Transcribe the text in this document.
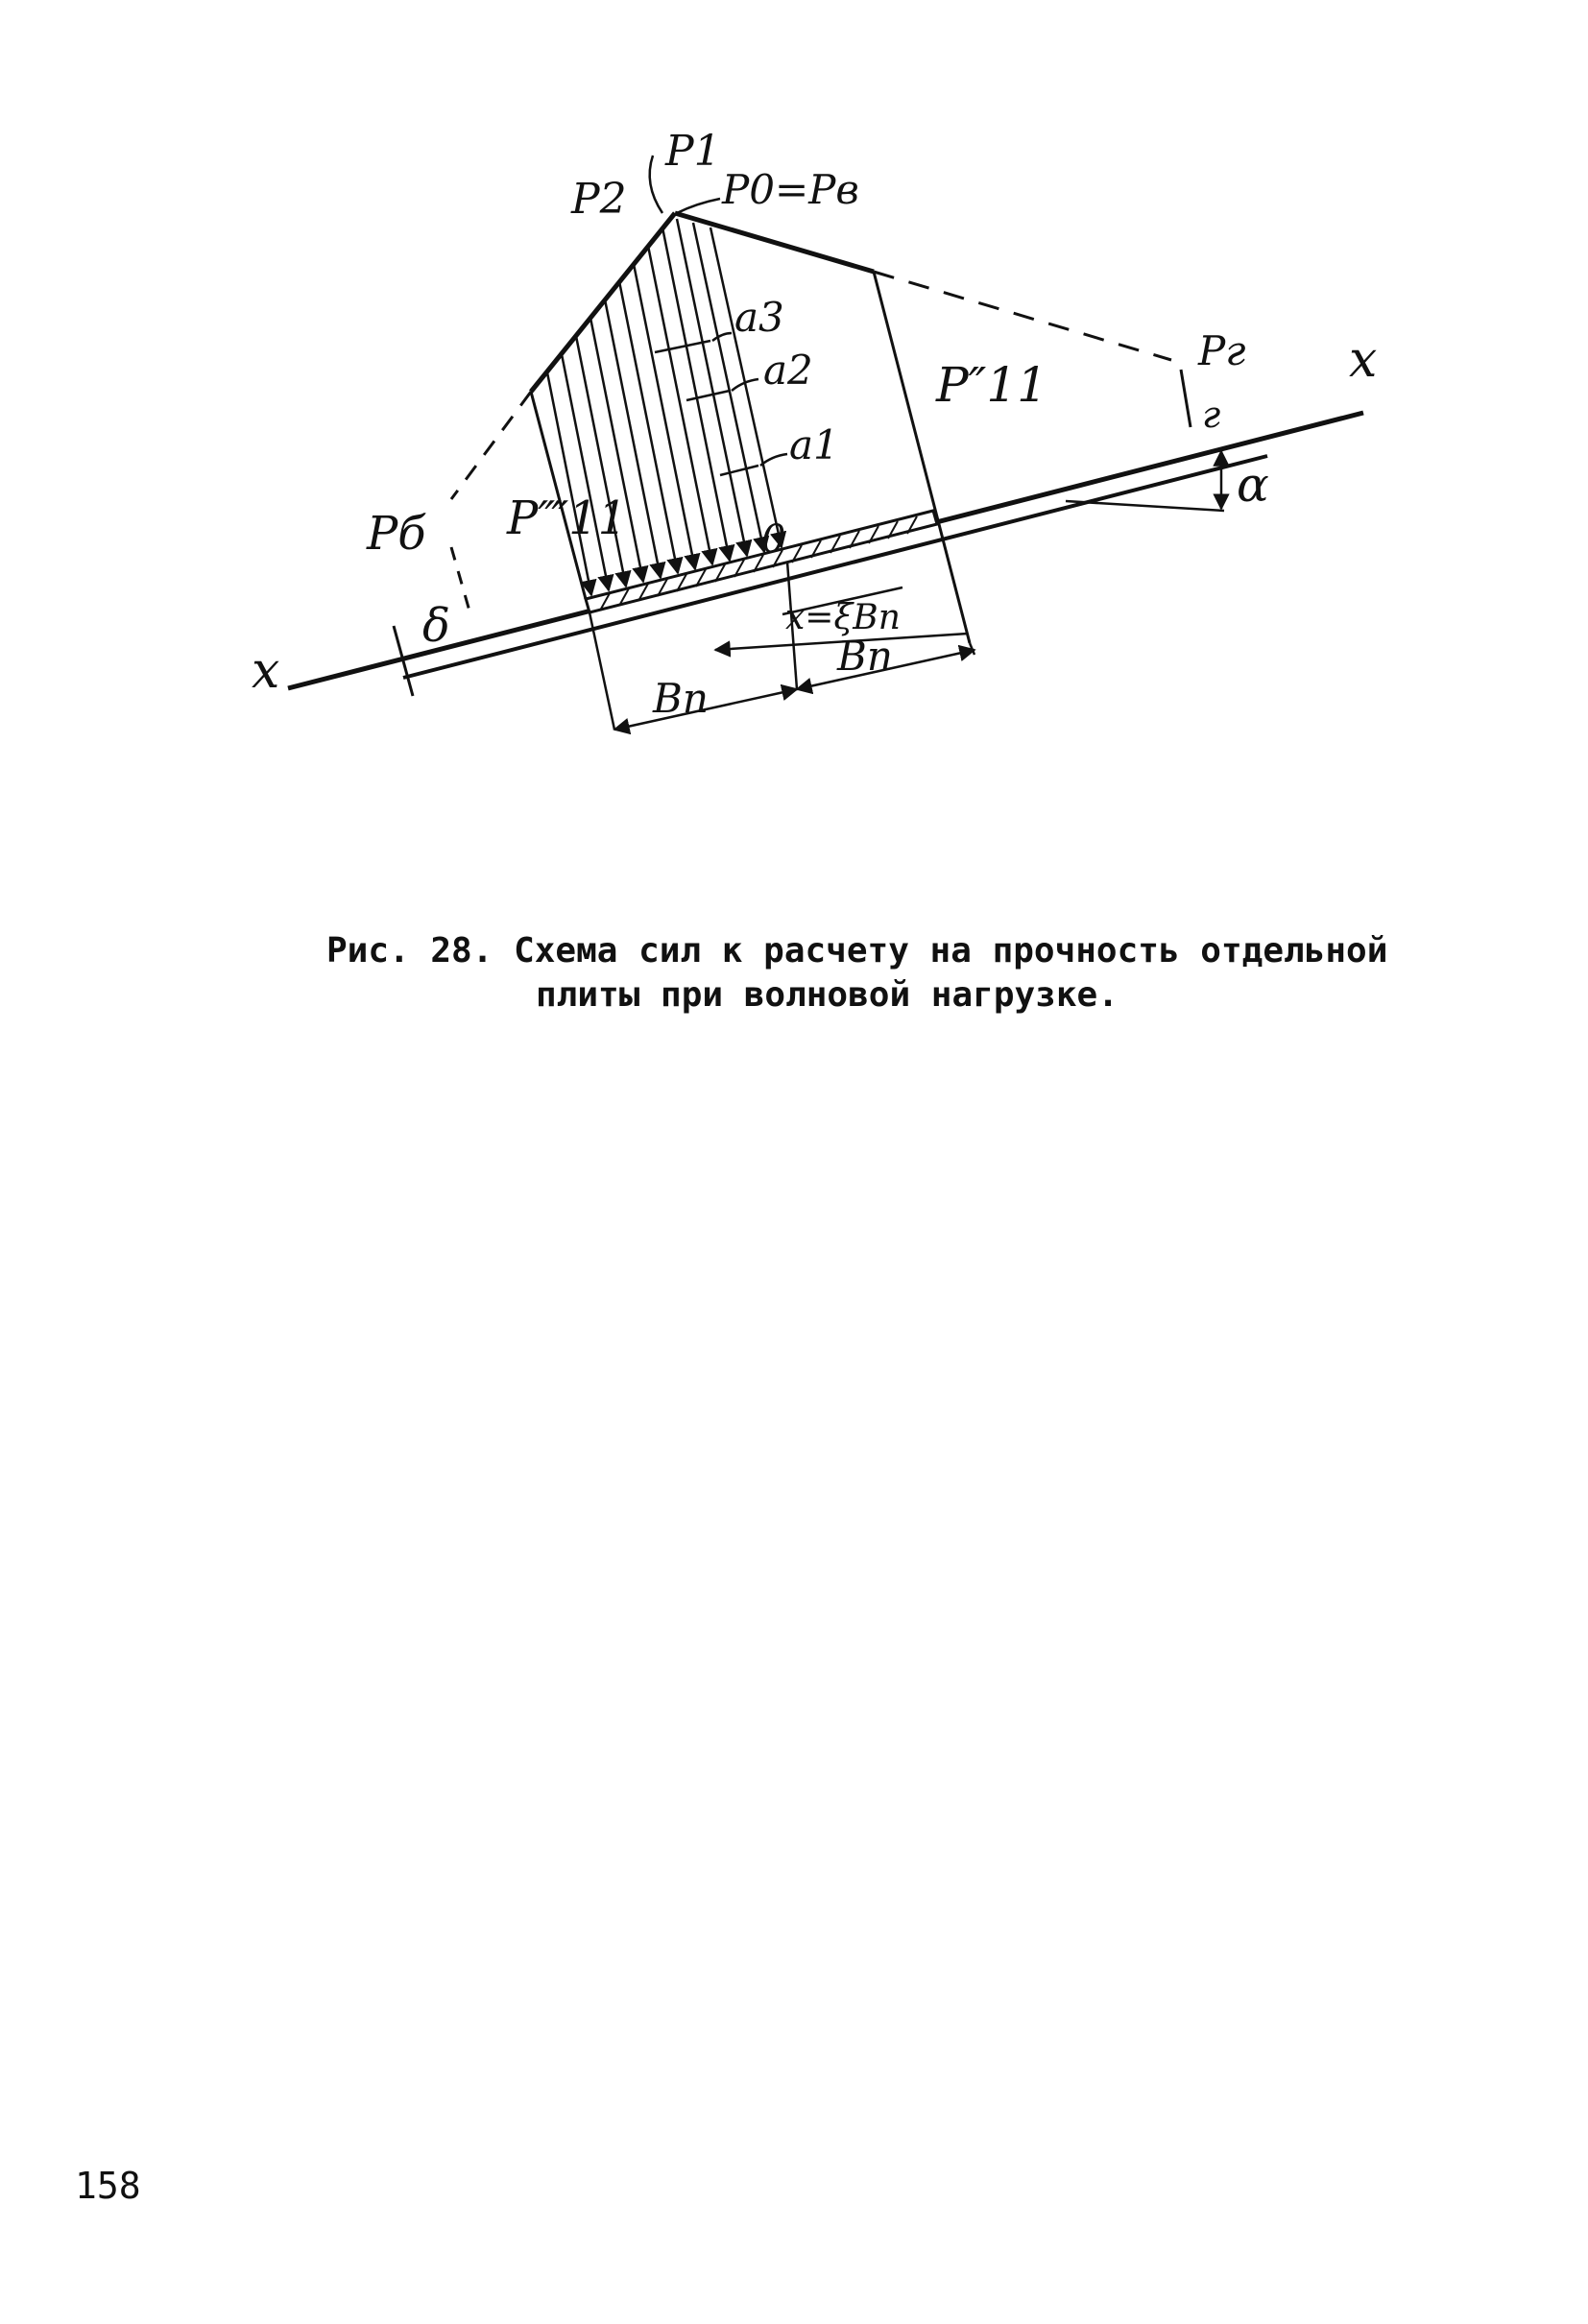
P1
P2 P0=Pв
a3
a2
a1
P″11
P⁗11
Pг
г
α
Pб
δ
0
x
x
x=ξBn
Bn
Bn
Рис. 28. Схема сил к расчету на прочность отдельной
плиты при волновой нагрузке.
158
